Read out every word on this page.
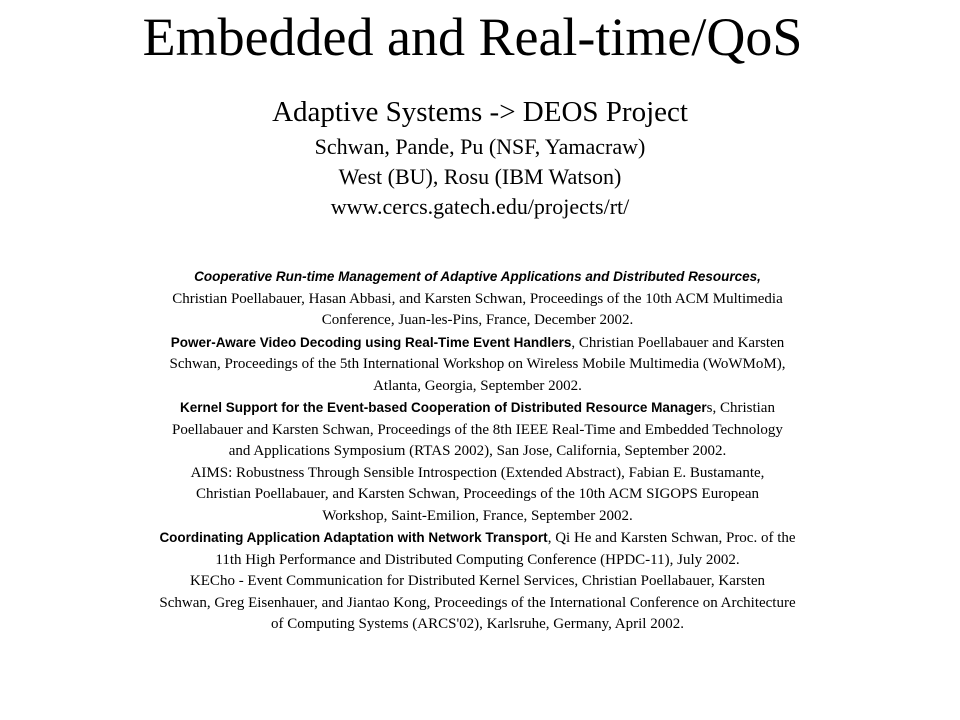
Embedded and Real-time/QoS

Adaptive Systems -> DEOS Project

Schwan, Pande, Pu (NSF, Yamacraw)

West (BU), Rosu (IBM Watson)

www.cercs.gatech.edu/projects/rt/

Cooperative Run-time Management of Adaptive Applications and Distributed Resources,

Christian Poellabauer, Hasan Abbasi, and Karsten Schwan, Proceedings of the 10th ACM Multimedia

Conference, Juan-les-Pins, France, December 2002.

Power-Aware Video Decoding using Real-Time Event Handlers, Christian Poellabauer and Karsten

Schwan, Proceedings of the 5th International Workshop on Wireless Mobile Multimedia (WoWMoM),

Atlanta, Georgia, September 2002.

Kernel Support for the Event-based Cooperation of Distributed Resource Managers, Christian

Poellabauer and Karsten Schwan, Proceedings of the 8th IEEE Real-Time and Embedded Technology

and Applications Symposium (RTAS 2002), San Jose, California, September 2002.

AIMS: Robustness Through Sensible Introspection (Extended Abstract), Fabian E. Bustamante,

Christian Poellabauer, and Karsten Schwan, Proceedings of the 10th ACM SIGOPS European

Workshop, Saint-Emilion, France, September 2002.

Coordinating Application Adaptation with Network Transport, Qi He and Karsten Schwan, Proc. of the

11th High Performance and Distributed Computing Conference (HPDC-11), July 2002.

KECho - Event Communication for Distributed Kernel Services, Christian Poellabauer, Karsten

Schwan, Greg Eisenhauer, and Jiantao Kong, Proceedings of the International Conference on Architecture

of Computing Systems (ARCS'02), Karlsruhe, Germany, April 2002.
